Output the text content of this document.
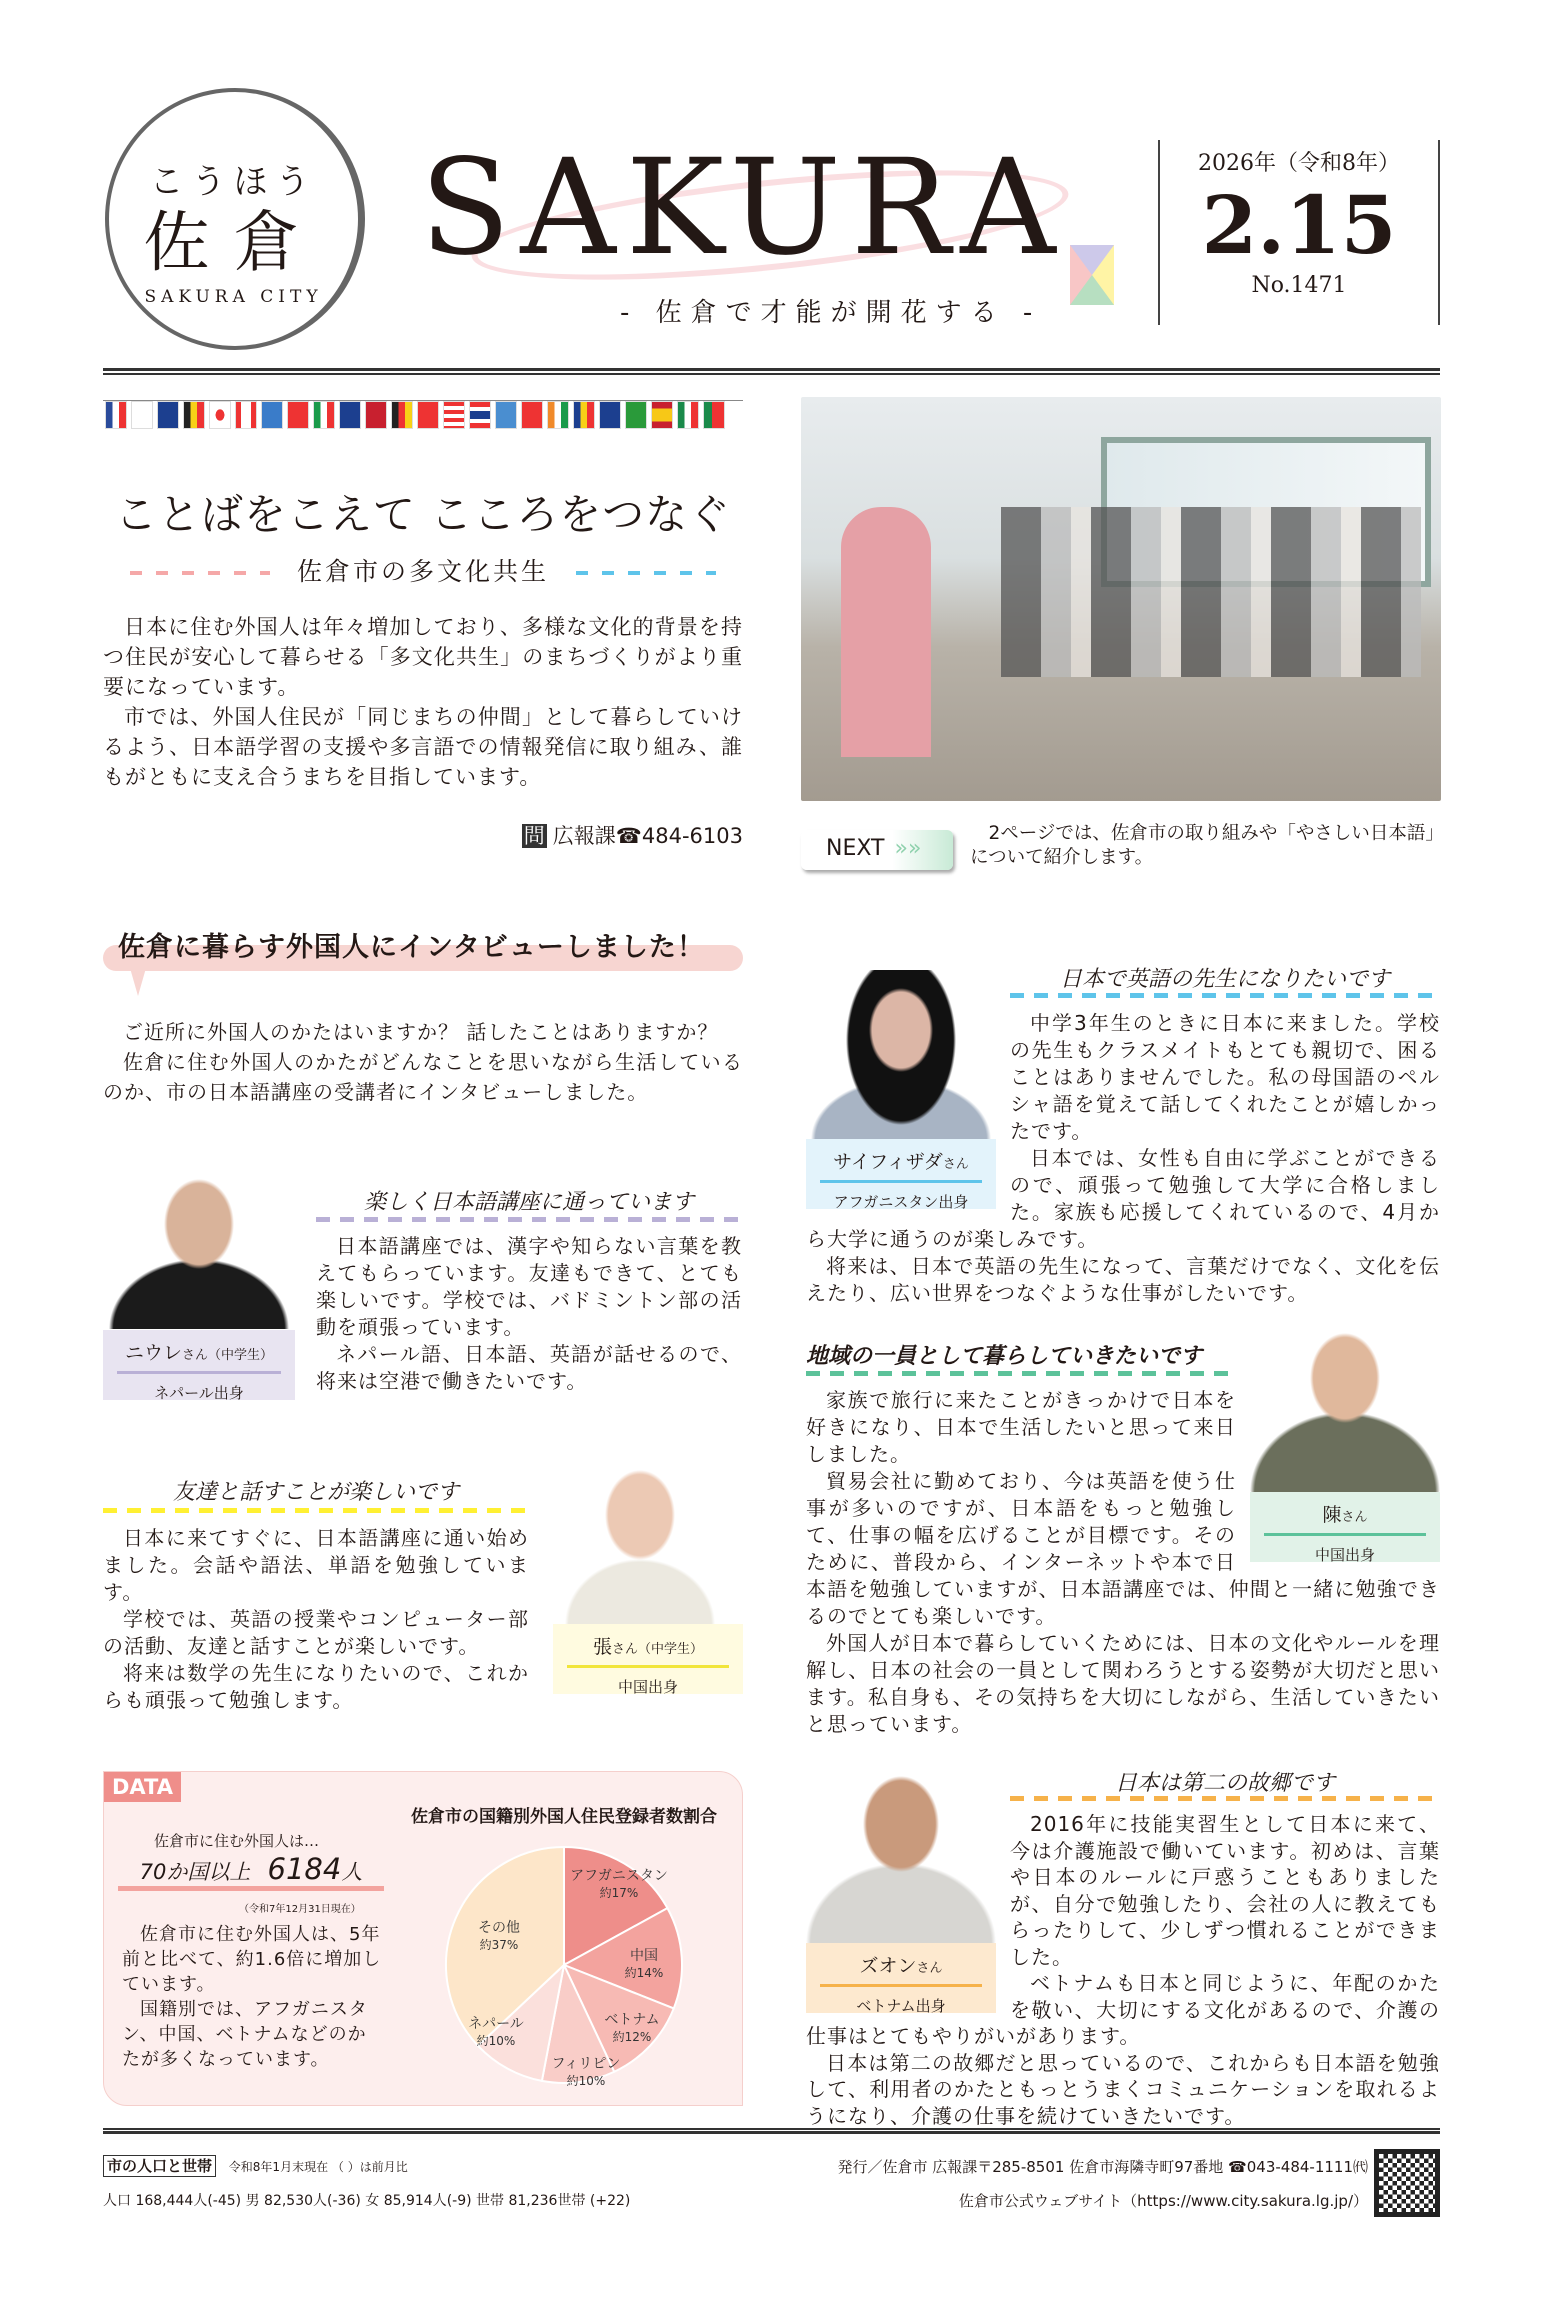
こうほう
佐倉
SAKURA CITY
SAKURA
- 佐倉で才能が開花する -
2026年（令和8年）
2.15
No.1471
ことばをこえて こころをつなぐ
佐倉市の多文化共生

日本に住む外国人は年々増加しており、多様な文化的背景を持つ住民が安心して暮らせる「多文化共生」のまちづくりがより重要になっています。

市では、外国人住民が「同じまちの仲間」として暮らしていけるよう、日本語学習の支援や多言語での情報発信に取り組み、誰もがともに支え合うまちを目指しています。

問 広報課☎484-6103	NEXT »»
2ページでは、佐倉市の取り組みや「やさしい日本語」について紹介します。
佐倉に暮らす外国人にインタビューしました！

ご近所に外国人のかたはいますか？ 話したことはありますか？

佐倉に住む外国人のかたがどんなことを思いながら生活しているのか、市の日本語講座の受講者にインタビューしました。

ニウレさん（中学生）
ネパール出身
楽しく日本語講座に通っています

日本語講座では、漢字や知らない言葉を教えてもらっています。友達もできて、とても楽しいです。学校では、バドミントン部の活動を頑張っています。

ネパール語、日本語、英語が話せるので、将来は空港で働きたいです。

友達と話すことが楽しいです

日本に来てすぐに、日本語講座に通い始めました。会話や語法、単語を勉強しています。

学校では、英語の授業やコンピューター部の活動、友達と話すことが楽しいです。

将来は数学の先生になりたいので、これからも頑張って勉強します。

張さん（中学生）
中国出身
サイフィザダさん
アフガニスタン出身
日本で英語の先生になりたいです

中学3年生のときに日本に来ました。学校の先生もクラスメイトもとても親切で、困ることはありませんでした。私の母国語のペルシャ語を覚えて話してくれたことが嬉しかったです。

日本では、女性も自由に学ぶことができるので、頑張って勉強して大学に合格しました。家族も応援してくれているので、4月から大学に通うのが楽しみです。

将来は、日本で英語の先生になって、言葉だけでなく、文化を伝えたり、広い世界をつなぐような仕事がしたいです。

地域の一員として暮らしていきたいです
陳さん
中国出身

家族で旅行に来たことがきっかけで日本を好きになり、日本で生活したいと思って来日しました。

貿易会社に勤めており、今は英語を使う仕事が多いのですが、日本語をもっと勉強して、仕事の幅を広げることが目標です。そのために、普段から、インターネットや本で日本語を勉強していますが、日本語講座では、仲間と一緒に勉強できるのでとても楽しいです。

外国人が日本で暮らしていくためには、日本の文化やルールを理解し、日本の社会の一員として関わろうとする姿勢が大切だと思います。私自身も、その気持ちを大切にしながら、生活していきたいと思っています。

ズオンさん
ベトナム出身
日本は第二の故郷です

2016年に技能実習生として日本に来て、今は介護施設で働いています。初めは、言葉や日本のルールに戸惑うこともありましたが、自分で勉強したり、会社の人に教えてもらったりして、少しずつ慣れることができました。

ベトナムも日本と同じように、年配のかたを敬い、大切にする文化があるので、介護の仕事はとてもやりがいがあります。

日本は第二の故郷だと思っているので、これからも日本語を勉強して、利用者のかたともっとうまくコミュニケーションを取れるようになり、介護の仕事を続けていきたいです。

DATA
佐倉市に住む外国人は…
70か国以上 6184人
（令和7年12月31日現在）

佐倉市に住む外国人は、5年前と比べて、約1.6倍に増加しています。

国籍別では、アフガニスタン、中国、ベトナムなどのかたが多くなっています。

佐倉市の国籍別外国人住民登録者数割合
アフガニスタン
約17%
中国
約14%
ベトナム
約12%
フィリピン
約10%
ネパール
約10%
その他
約37%
市の人口と世帯 令和8年1月末現在 （ ）は前月比
人口 168,444人(-45) 男 82,530人(-36) 女 85,914人(-9) 世帯 81,236世帯 (+22)
発行／佐倉市 広報課〒285-8501 佐倉市海隣寺町97番地 ☎043-484-1111㈹
佐倉市公式ウェブサイト（https://www.city.sakura.lg.jp/）
